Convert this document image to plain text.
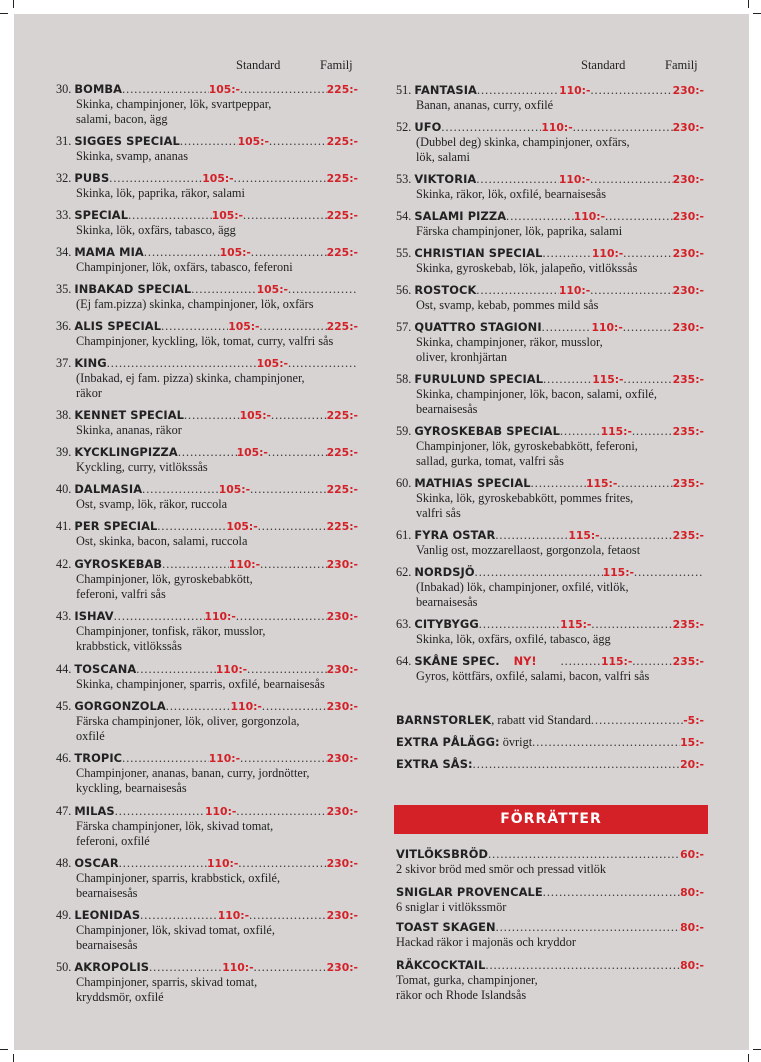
Standard	Familj	Standard	Familj
30. BOMBA .....	105:- .....	225:-
Skinka, champinjoner, lök, svartpeppar,
salami, bacon, ägg
31. SIGGES SPECIAL .....	105:- .....	225:-
Skinka, svamp, ananas
32. PUBS .....	105:- .....	225:-
Skinka, lök, paprika, räkor, salami
33. SPECIAL .....	105:- .....	225:-
Skinka, lök, oxfärs, tabasco, ägg
34. MAMA MIA .....	105:- .....	225:-
Champinjoner, lök, oxfärs, tabasco, feferoni
35. INBAKAD SPECIAL .....	105:-
.....
(Ej fam.pizza) skinka, champinjoner, lök, oxfärs
36. ALIS SPECIAL .....	105:- .....	225:-
Champinjoner, kyckling, lök, tomat, curry, valfri sås
37. KING .....	105:-
.....
(Inbakad, ej fam. pizza) skinka, champinjoner,
räkor
38. KENNET SPECIAL .....	105:- .....	225:-
Skinka, ananas, räkor
39. KYCKLINGPIZZA .....	105:- .....	225:-
Kyckling, curry, vitlökssås
40. DALMASIA .....	105:- .....	225:-
Ost, svamp, lök, räkor, ruccola
41. PER SPECIAL .....	105:- .....	225:-
Ost, skinka, bacon, salami, ruccola
42. GYROSKEBAB .....	110:- .....	230:-
Champinjoner, lök, gyroskebabkött,
feferoni, valfri sås
43. ISHAV .....	110:- .....	230:-
Champinjoner, tonfisk, räkor, musslor,
krabbstick, vitlökssås
44. TOSCANA .....	110:- .....	230:-
Skinka, champinjoner, sparris, oxfilé, bearnaisesås
45. GORGONZOLA .....	110:- .....	230:-
Färska champinjoner, lök, oliver, gorgonzola,
oxfilé
46. TROPIC .....	110:- .....	230:-
Champinjoner, ananas, banan, curry, jordnötter,
kyckling, bearnaisesås
47. MILAS .....	110:- .....	230:-
Färska champinjoner, lök, skivad tomat,
feferoni, oxfilé
48. OSCAR .....	110:- .....	230:-
Champinjoner, sparris, krabbstick, oxfilé,
bearnaisesås
49. LEONIDAS .....	110:- .....	230:-
Champinjoner, lök, skivad tomat, oxfilé,
bearnaisesås
50. AKROPOLIS .....	110:- .....	230:-
Champinjoner, sparris, skivad tomat,
kryddsmör, oxfilé
51. FANTASIA .....	110:- .....	230:-
Banan, ananas, curry, oxfilé
52. UFO .....	110:- .....	230:-
(Dubbel deg) skinka, champinjoner, oxfärs,
lök, salami
53. VIKTORIA .....	110:- .....	230:-
Skinka, räkor, lök, oxfilé, bearnaisesås
54. SALAMI PIZZA .....	110:- .....	230:-
Färska champinjoner, lök, paprika, salami
55. CHRISTIAN SPECIAL .....	110:- .....	230:-
Skinka, gyroskebab, lök, jalapeño, vitlökssås
56. ROSTOCK .....	110:- .....	230:-
Ost, svamp, kebab, pommes mild sås
57. QUATTRO STAGIONI .....	110:- .....	230:-
Skinka, champinjoner, räkor, musslor,
oliver, kronhjärtan
58. FURULUND SPECIAL .....	115:- .....	235:-
Skinka, champinjoner, lök, bacon, salami, oxfilé,
bearnaisesås
59. GYROSKEBAB SPECIAL .....	115:- .....	235:-
Champinjoner, lök, gyroskebabkött, feferoni,
sallad, gurka, tomat, valfri sås
60. MATHIAS SPECIAL .....	115:- .....	235:-
Skinka, lök, gyroskebabkött, pommes frites,
valfri sås
61. FYRA OSTAR .....	115:- .....	235:-
Vanlig ost, mozzarellaost, gorgonzola, fetaost
62. NORDSJÖ .....	115:-
.....
(Inbakad) lök, champinjoner, oxfilé, vitlök,
bearnaisesås
63. CITYBYGG .....	115:- .....	235:-
Skinka, lök, oxfärs, oxfilé, tabasco, ägg
64. SKÅNE SPEC. NY! .....	115:- .....	235:-
Gyros, köttfärs, oxfilé, salami, bacon, valfri sås
BARNSTORLEK , rabatt vid Standard .....	-5:-
EXTRA PÅLÄGG: övrigt .....	15:-
EXTRA SÅS: .....	20:-
VITLÖKSBRÖD .....	60:-
2 skivor bröd med smör och pressad vitlök
SNIGLAR PROVENCALE .....	80:-
6 sniglar i vitlökssmör
TOAST SKAGEN .....	80:-
Hackad räkor i majonäs och kryddor
RÄKCOCKTAIL .....	80:-
Tomat, gurka, champinjoner,
räkor och Rhode Islandsås
FÖRRÄTTER
